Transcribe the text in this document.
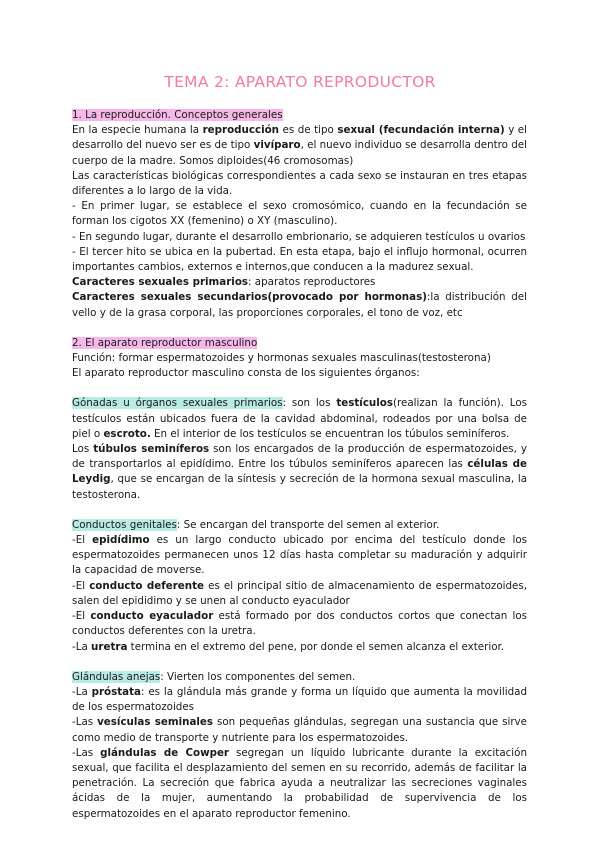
TEMA 2: APARATO REPRODUCTOR

1. La reproducción. Conceptos generales

En la especie humana la reproducción es de tipo sexual (fecundación interna) y el desarrollo del nuevo ser es de tipo vivíparo, el nuevo individuo se desarrolla dentro del cuerpo de la madre. Somos diploides(46 cromosomas)

Las características biológicas correspondientes a cada sexo se instauran en tres etapas diferentes a lo largo de la vida.

- En primer lugar, se establece el sexo cromosómico, cuando en la fecundación se forman los cigotos XX (femenino) o XY (masculino).

- En segundo lugar, durante el desarrollo embrionario, se adquieren testículos u ovarios

- El tercer hito se ubica en la pubertad. En esta etapa, bajo el influjo hormonal, ocurren importantes cambios, externos e internos,que conducen a la madurez sexual.

Caracteres sexuales primarios: aparatos reproductores

Caracteres sexuales secundarios(provocado por hormonas):la distribución del vello y de la grasa corporal, las proporciones corporales, el tono de voz, etc

2. El aparato reproductor masculino

Función: formar espermatozoides y hormonas sexuales masculinas(testosterona)

El aparato reproductor masculino consta de los siguientes órganos:

Gónadas u órganos sexuales primarios: son los testículos(realizan la función). Los testículos están ubicados fuera de la cavidad abdominal, rodeados por una bolsa de piel o escroto. En el interior de los testículos se encuentran los túbulos seminíferos.

Los túbulos seminíferos son los encargados de la producción de espermatozoides, y de transportarlos al epidídimo. Entre los túbulos seminíferos aparecen las células de Leydig, que se encargan de la síntesis y secreción de la hormona sexual masculina, la testosterona.

Conductos genitales: Se encargan del transporte del semen al exterior.

-El epidídimo es un largo conducto ubicado por encima del testículo donde los espermatozoides permanecen unos 12 días hasta completar su maduración y adquirir la capacidad de moverse.

-El conducto deferente es el principal sitio de almacenamiento de espermatozoides, salen del epididimo y se unen al conducto eyaculador

-El conducto eyaculador está formado por dos conductos cortos que conectan los conductos deferentes con la uretra.

-La uretra termina en el extremo del pene, por donde el semen alcanza el exterior.

Glándulas anejas: Vierten los componentes del semen.

-La próstata: es la glándula más grande y forma un líquido que aumenta la movilidad de los espermatozoides

-Las vesículas seminales son pequeñas glándulas, segregan una sustancia que sirve como medio de transporte y nutriente para los espermatozoides.

-Las glándulas de Cowper segregan un líquido lubricante durante la excitación sexual, que facilita el desplazamiento del semen en su recorrido, además de facilitar la penetración. La secreción que fabrica ayuda a neutralizar las secreciones vaginales ácidas de la mujer, aumentando la probabilidad de supervivencia de los espermatozoides en el aparato reproductor femenino.
